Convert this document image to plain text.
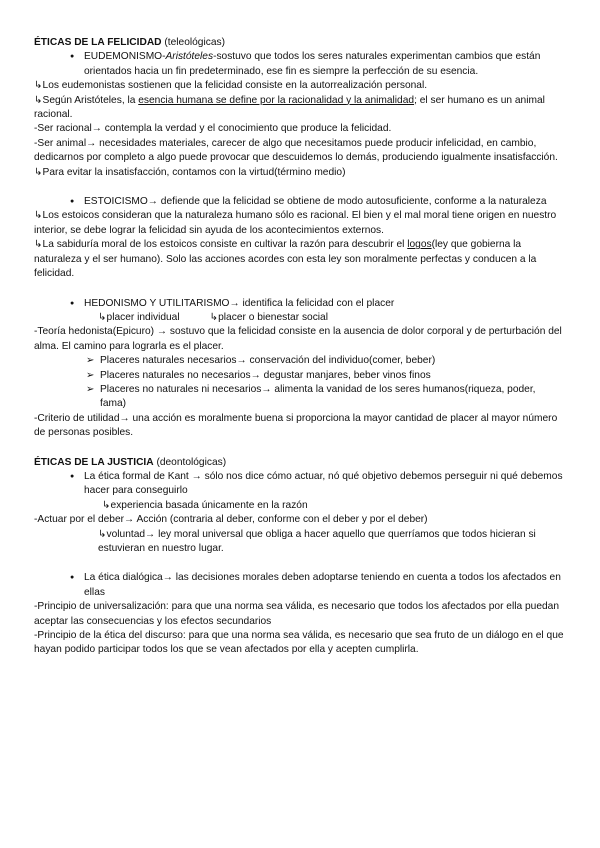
ÉTICAS DE LA FELICIDAD (teleológicas)

● EUDEMONISMO-Aristóteles-sostuvo que todos los seres naturales experimentan cambios que están orientados hacia un fin predeterminado, ese fin es siempre la perfección de su esencia.

↳Los eudemonistas sostienen que la felicidad consiste en la autorrealización personal.

↳Según Aristóteles, la esencia humana se define por la racionalidad y la animalidad; el ser humano es un animal racional.

-Ser racional→ contempla la verdad y el conocimiento que produce la felicidad.

-Ser animal→ necesidades materiales, carecer de algo que necesitamos puede producir infelicidad, en cambio, dedicarnos por completo a algo puede provocar que descuidemos lo demás, produciendo igualmente insatisfacción.

↳Para evitar la insatisfacción, contamos con la virtud(término medio)

● ESTOICISMO→ defiende que la felicidad se obtiene de modo autosuficiente, conforme a la naturaleza

↳Los estoicos consideran que la naturaleza humano sólo es racional. El bien y el mal moral tiene origen en nuestro interior, se debe lograr la felicidad sin ayuda de los acontecimientos externos.

↳La sabiduría moral de los estoicos consiste en cultivar la razón para descubrir el logos(ley que gobierna la naturaleza y el ser humano). Solo las acciones acordes con esta ley son moralmente perfectas y conducen a la felicidad.

● HEDONISMO Y UTILITARISMO→ identifica la felicidad con el placer

↳placer individual	↳placer o bienestar social

-Teoría hedonista(Epicuro) → sostuvo que la felicidad consiste en la ausencia de dolor corporal y de perturbación del alma. El camino para lograrla es el placer.

➢ Placeres naturales necesarios→ conservación del individuo(comer, beber)

➢ Placeres naturales no necesarios→ degustar manjares, beber vinos finos

➢ Placeres no naturales ni necesarios→ alimenta la vanidad de los seres humanos(riqueza, poder, fama)

-Criterio de utilidad→ una acción es moralmente buena si proporciona la mayor cantidad de placer al mayor número de personas posibles.

ÉTICAS DE LA JUSTICIA (deontológicas)

● La ética formal de Kant → sólo nos dice cómo actuar, nó qué objetivo debemos perseguir ni qué debemos hacer para conseguirlo

↳experiencia basada únicamente en la razón

-Actuar por el deber→ Acción (contraria al deber, conforme con el deber y por el deber)

↳voluntad→ ley moral universal que obliga a hacer aquello que querríamos que todos hicieran si estuvieran en nuestro lugar.

● La ética dialógica→ las decisiones morales deben adoptarse teniendo en cuenta a todos los afectados en ellas

-Principio de universalización: para que una norma sea válida, es necesario que todos los afectados por ella puedan aceptar las consecuencias y los efectos secundarios

-Principio de la ética del discurso: para que una norma sea válida, es necesario que sea fruto de un diálogo en el que hayan podido participar todos los que se vean afectados por ella y acepten cumplirla.
